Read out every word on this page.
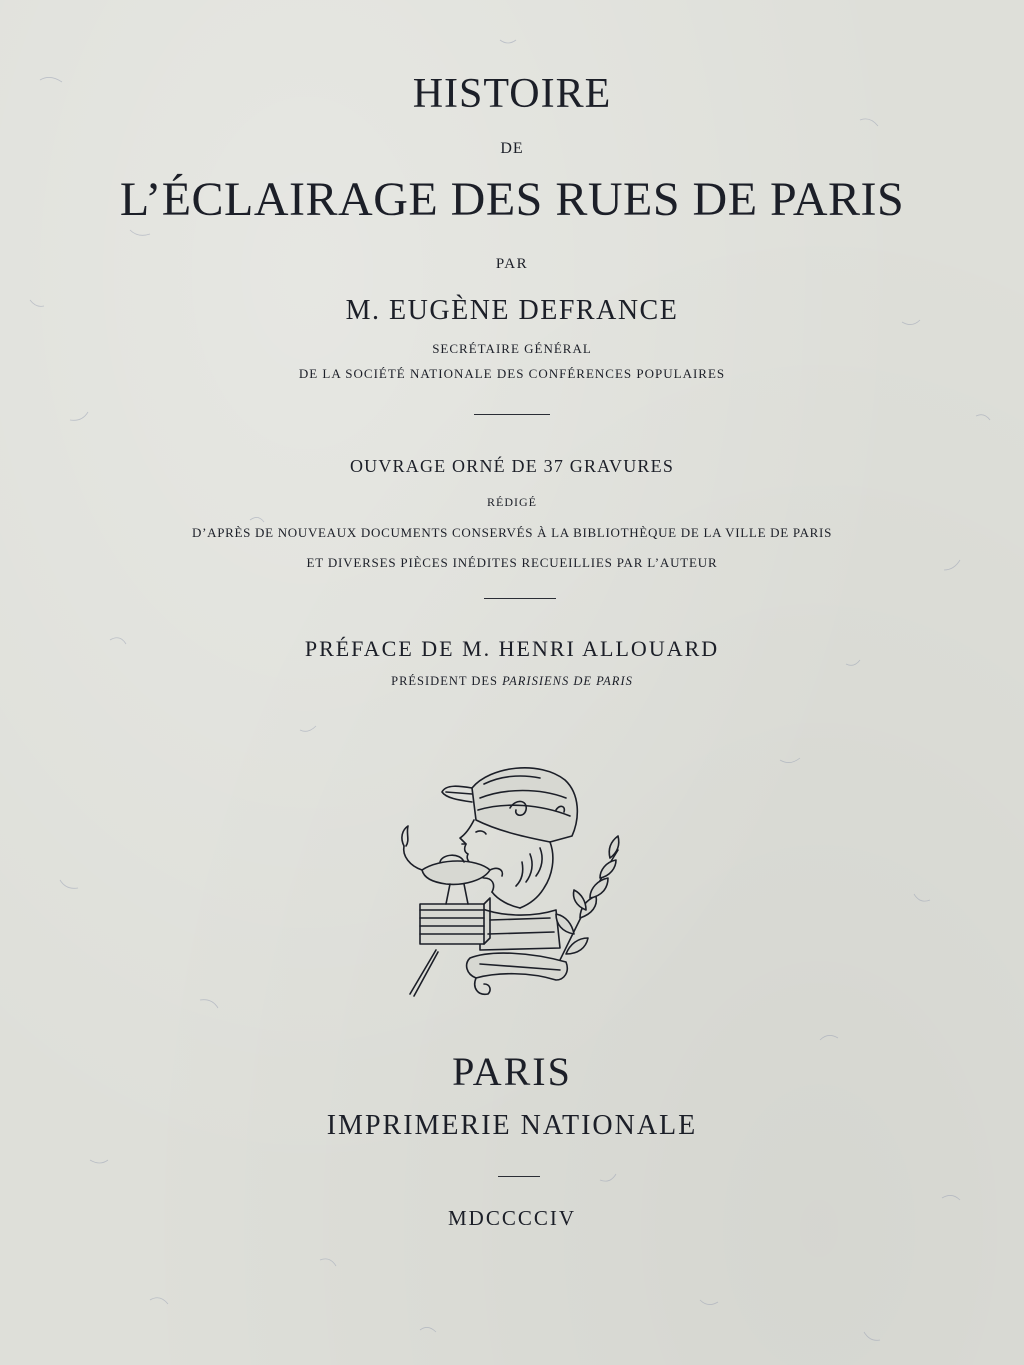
HISTOIRE
DE
L’ÉCLAIRAGE DES RUES DE PARIS
PAR
M. EUGÈNE DEFRANCE
SECRÉTAIRE GÉNÉRAL
DE LA SOCIÉTÉ NATIONALE DES CONFÉRENCES POPULAIRES
OUVRAGE ORNÉ DE 37 GRAVURES
RÉDIGÉ
D’APRÈS DE NOUVEAUX DOCUMENTS CONSERVÉS À LA BIBLIOTHÈQUE DE LA VILLE DE PARIS
ET DIVERSES PIÈCES INÉDITES RECUEILLIES PAR L’AUTEUR
PRÉFACE DE M. HENRI ALLOUARD
PRÉSIDENT DES PARISIENS DE PARIS
PARIS
IMPRIMERIE NATIONALE
MDCCCCIV
